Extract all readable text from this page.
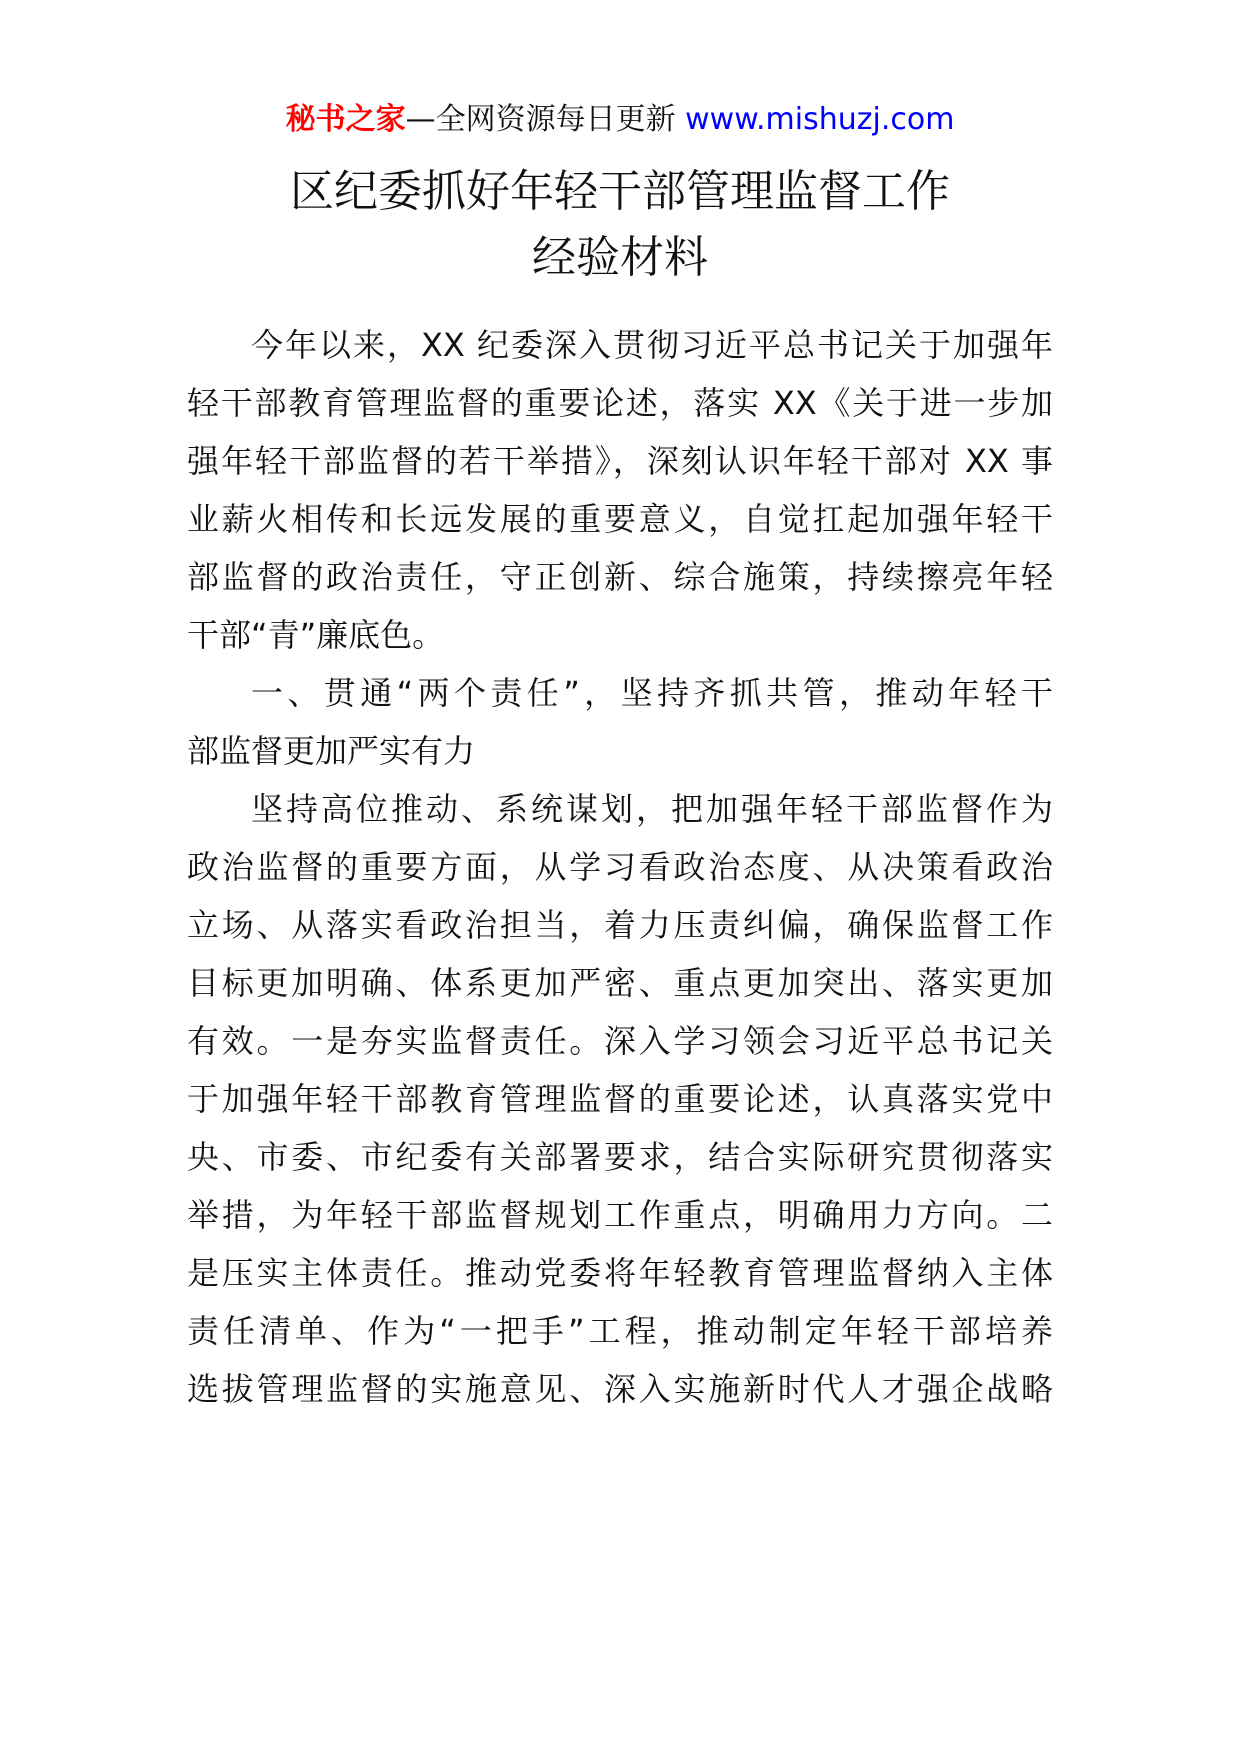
秘书之家—全网资源每日更新 www.mishuzj.com
区纪委抓好年轻干部管理监督工作
经验材料
今年以来，XX 纪委深入贯彻习近平总书记关于加强年
轻干部教育管理监督的重要论述，落实 XX《关于进一步加
强年轻干部监督的若干举措》，深刻认识年轻干部对 XX 事
业薪火相传和长远发展的重要意义，自觉扛起加强年轻干
部监督的政治责任，守正创新、综合施策，持续擦亮年轻
干部“青”廉底色。
一、贯通“两个责任”，坚持齐抓共管，推动年轻干
部监督更加严实有力
坚持高位推动、系统谋划，把加强年轻干部监督作为
政治监督的重要方面，从学习看政治态度、从决策看政治
立场、从落实看政治担当，着力压责纠偏，确保监督工作
目标更加明确、体系更加严密、重点更加突出、落实更加
有效。一是夯实监督责任。深入学习领会习近平总书记关
于加强年轻干部教育管理监督的重要论述，认真落实党中
央、市委、市纪委有关部署要求，结合实际研究贯彻落实
举措，为年轻干部监督规划工作重点，明确用力方向。二
是压实主体责任。推动党委将年轻教育管理监督纳入主体
责任清单、作为“一把手”工程，推动制定年轻干部培养
选拔管理监督的实施意见、深入实施新时代人才强企战略
